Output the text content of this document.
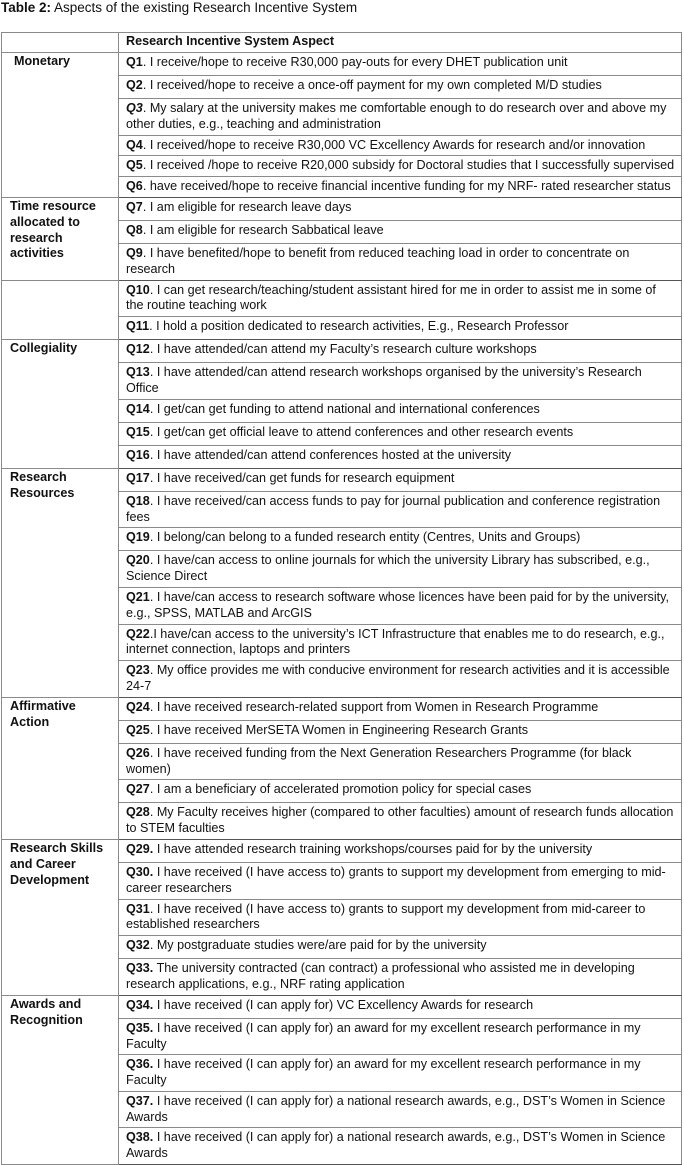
Table 2: Aspects of the existing Research Incentive System
	Research Incentive System Aspect
Monetary	Q1. I receive/hope to receive R30,000 pay-outs for every DHET publication unit
	Q2. I received/hope to receive a once-off payment for my own completed M/D studies
	Q3. My salary at the university makes me comfortable enough to do research over and above my other duties, e.g., teaching and administration
	Q4. I received/hope to receive R30,000 VC Excellency Awards for research and/or innovation
	Q5. I received /hope to receive R20,000 subsidy for Doctoral studies that I successfully supervised
	Q6. have received/hope to receive financial incentive funding for my NRF- rated researcher status
Time resource allocated to research activities	Q7. I am eligible for research leave days
	Q8. I am eligible for research Sabbatical leave
	Q9. I have benefited/hope to benefit from reduced teaching load in order to concentrate on research
	Q10. I can get research/teaching/student assistant hired for me in order to assist me in some of the routine teaching work
	Q11. I hold a position dedicated to research activities, E.g., Research Professor
Collegiality	Q12. I have attended/can attend my Faculty’s research culture workshops
	Q13. I have attended/can attend research workshops organised by the university’s Research Office
	Q14. I get/can get funding to attend national and international conferences
	Q15. I get/can get official leave to attend conferences and other research events
	Q16. I have attended/can attend conferences hosted at the university
Research Resources	Q17. I have received/can get funds for research equipment
	Q18. I have received/can access funds to pay for journal publication and conference registration fees
	Q19. I belong/can belong to a funded research entity (Centres, Units and Groups)
	Q20. I have/can access to online journals for which the university Library has subscribed, e.g., Science Direct
	Q21. I have/can access to research software whose licences have been paid for by the university, e.g., SPSS, MATLAB and ArcGIS
	Q22.I have/can access to the university’s ICT Infrastructure that enables me to do research, e.g., internet connection, laptops and printers
	Q23. My office provides me with conducive environment for research activities and it is accessible 24-7
Affirmative Action	Q24. I have received research-related support from Women in Research Programme
	Q25. I have received MerSETA Women in Engineering Research Grants
	Q26. I have received funding from the Next Generation Researchers Programme (for black women)
	Q27. I am a beneficiary of accelerated promotion policy for special cases
	Q28. My Faculty receives higher (compared to other faculties) amount of research funds allocation to STEM faculties
Research Skills and Career Development	Q29. I have attended research training workshops/courses paid for by the university
	Q30. I have received (I have access to) grants to support my development from emerging to mid-career researchers
	Q31. I have received (I have access to) grants to support my development from mid-career to established researchers
	Q32. My postgraduate studies were/are paid for by the university
	Q33. The university contracted (can contract) a professional who assisted me in developing research applications, e.g., NRF rating application
Awards and Recognition	Q34. I have received (I can apply for) VC Excellency Awards for research
	Q35. I have received (I can apply for) an award for my excellent research performance in my Faculty
	Q36. I have received (I can apply for) an award for my excellent research performance in my Faculty
	Q37. I have received (I can apply for) a national research awards, e.g., DST’s Women in Science Awards
	Q38. I have received (I can apply for) a national research awards, e.g., DST’s Women in Science Awards
